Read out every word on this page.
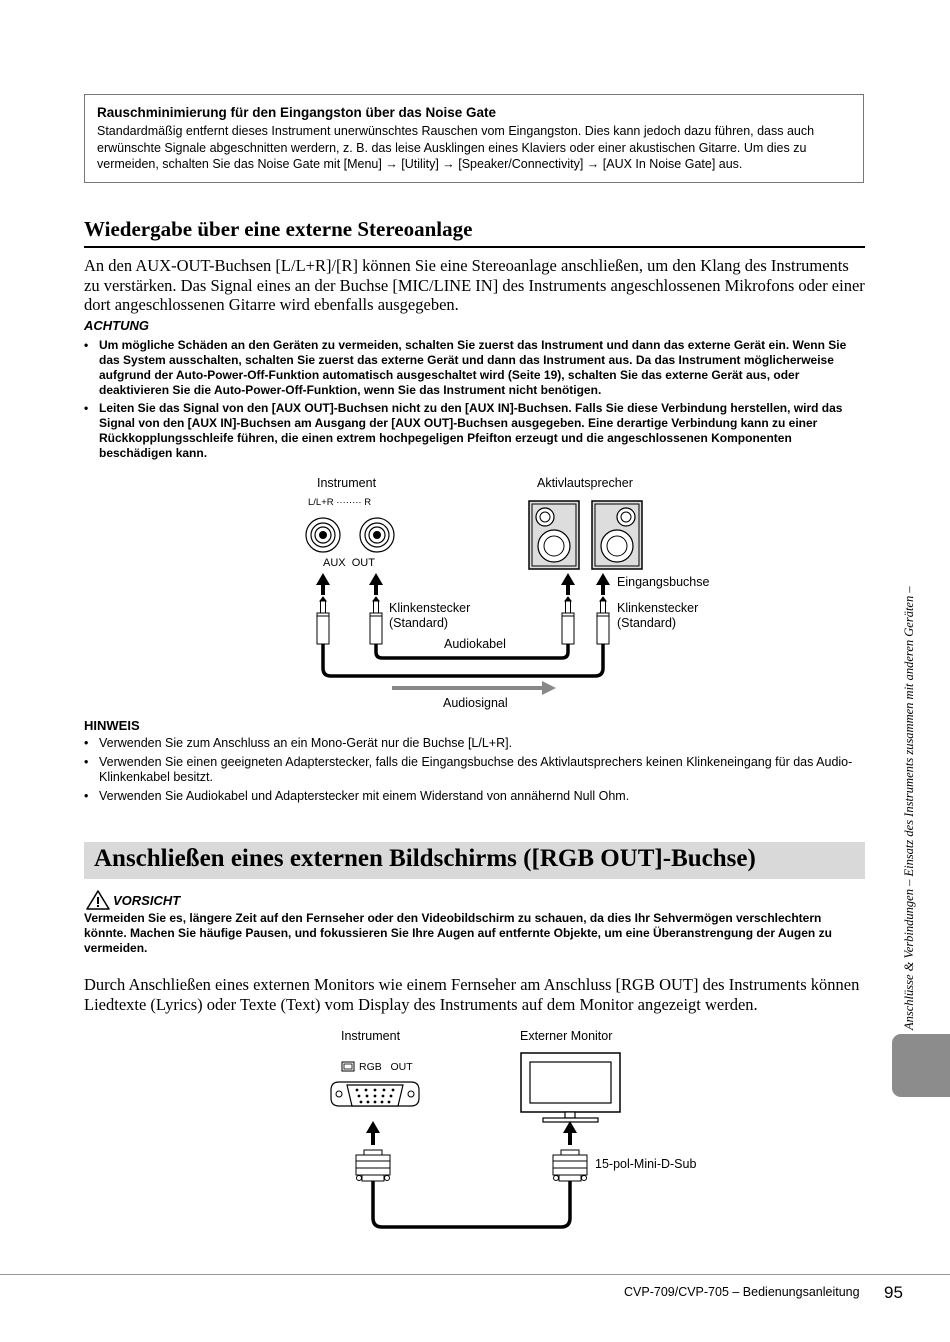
Rauschminimierung für den Eingangston über das Noise Gate
Standardmäßig entfernt dieses Instrument unerwünschtes Rauschen vom Eingangston. Dies kann jedoch dazu führen, dass auch erwünschte Signale abgeschnitten werdern, z. B. das leise Ausklingen eines Klaviers oder einer akustischen Gitarre. Um dies zu vermeiden, schalten Sie das Noise Gate mit [Menu] → [Utility] → [Speaker/Connectivity] → [AUX In Noise Gate] aus.
Wiedergabe über eine externe Stereoanlage
An den AUX-OUT-Buchsen [L/L+R]/[R] können Sie eine Stereoanlage anschließen, um den Klang des Instruments zu verstärken. Das Signal eines an der Buchse [MIC/LINE IN] des Instruments angeschlossenen Mikrofons oder einer dort angeschlossenen Gitarre wird ebenfalls ausgegeben.
ACHTUNG
• Um mögliche Schäden an den Geräten zu vermeiden, schalten Sie zuerst das Instrument und dann das externe Gerät ein. Wenn Sie das System ausschalten, schalten Sie zuerst das externe Gerät und dann das Instrument aus. Da das Instrument möglicherweise aufgrund der Auto-Power-Off-Funktion automatisch ausgeschaltet wird (Seite 19), schalten Sie das externe Gerät aus, oder deaktivieren Sie die Auto-Power-Off-Funktion, wenn Sie das Instrument nicht benötigen.
• Leiten Sie das Signal von den [AUX OUT]-Buchsen nicht zu den [AUX IN]-Buchsen. Falls Sie diese Verbindung herstellen, wird das Signal von den [AUX IN]-Buchsen am Ausgang der [AUX OUT]-Buchsen ausgegeben. Eine derartige Verbindung kann zu einer Rückkopplungsschleife führen, die einen extrem hochpegeligen Pfeifton erzeugt und die angeschlossenen Komponenten beschädigen kann.
Instrument
L/L+R ········ R
AUX  OUT
Aktivlautsprecher
Eingangsbuchse
Klinkenstecker
(Standard)
Klinkenstecker
(Standard)
Audiokabel
Audiosignal
HINWEIS
• Verwenden Sie zum Anschluss an ein Mono-Gerät nur die Buchse [L/L+R].
• Verwenden Sie einen geeigneten Adapterstecker, falls die Eingangsbuchse des Aktivlautsprechers keinen Klinkeneingang für das Audio-Klinkenkabel besitzt.
• Verwenden Sie Audiokabel und Adapterstecker mit einem Widerstand von annähernd Null Ohm.
Anschließen eines externen Bildschirms ([RGB OUT]-Buchse)
VORSICHT
Vermeiden Sie es, längere Zeit auf den Fernseher oder den Videobildschirm zu schauen, da dies Ihr Sehvermögen verschlechtern könnte. Machen Sie häufige Pausen, und fokussieren Sie Ihre Augen auf entfernte Objekte, um eine Überanstrengung der Augen zu vermeiden.
Durch Anschließen eines externen Monitors wie einem Fernseher am Anschluss [RGB OUT] des Instruments können Liedtexte (Lyrics) oder Texte (Text) vom Display des Instruments auf dem Monitor angezeigt werden.
Instrument	Externer Monitor
RGB   OUT
15-pol-Mini-D-Sub
Anschlüsse & Verbindungen – Einsatz des Instruments zusammen mit anderen Geräten –
CVP-709/CVP-705 – Bedienungsanleitung 95
